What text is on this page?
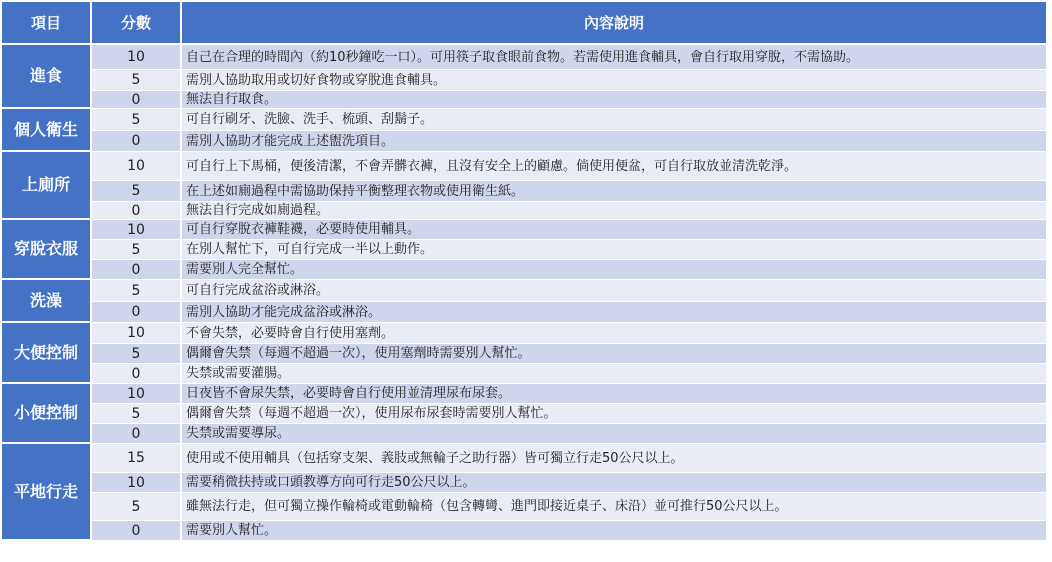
項目	分數	內容說明
進食	10	自己在合理的時間內（約10秒鐘吃一口）。可用筷子取食眼前食物。若需使用進食輔具，會自行取用穿脫，不需協助。
	5	需別人協助取用或切好食物或穿脫進食輔具。
	0	無法自行取食。
個人衛生	5	可自行刷牙、洗臉、洗手、梳頭、刮鬍子。
	0	需別人協助才能完成上述盥洗項目。
上廁所	10	可自行上下馬桶，便後清潔，不會弄髒衣褲，且沒有安全上的顧慮。倘使用便盆，可自行取放並清洗乾淨。
	5	在上述如廁過程中需協助保持平衡整理衣物或使用衛生紙。
	0	無法自行完成如廁過程。
穿脫衣服	10	可自行穿脫衣褲鞋襪，必要時使用輔具。
	5	在別人幫忙下，可自行完成一半以上動作。
	0	需要別人完全幫忙。
洗澡	5	可自行完成盆浴或淋浴。
	0	需別人協助才能完成盆浴或淋浴。
大便控制	10	不會失禁，必要時會自行使用塞劑。
	5	偶爾會失禁（每週不超過一次），使用塞劑時需要別人幫忙。
	0	失禁或需要灌腸。
小便控制	10	日夜皆不會尿失禁，必要時會自行使用並清理尿布尿套。
	5	偶爾會失禁（每週不超過一次），使用尿布尿套時需要別人幫忙。
	0	失禁或需要導尿。
平地行走	15	使用或不使用輔具（包括穿支架、義肢或無輪子之助行器）皆可獨立行走50公尺以上。
	10	需要稍微扶持或口頭教導方向可行走50公尺以上。
	5	雖無法行走，但可獨立操作輪椅或電動輪椅（包含轉彎、進門即接近桌子、床沿）並可推行50公尺以上。
	0	需要別人幫忙。
